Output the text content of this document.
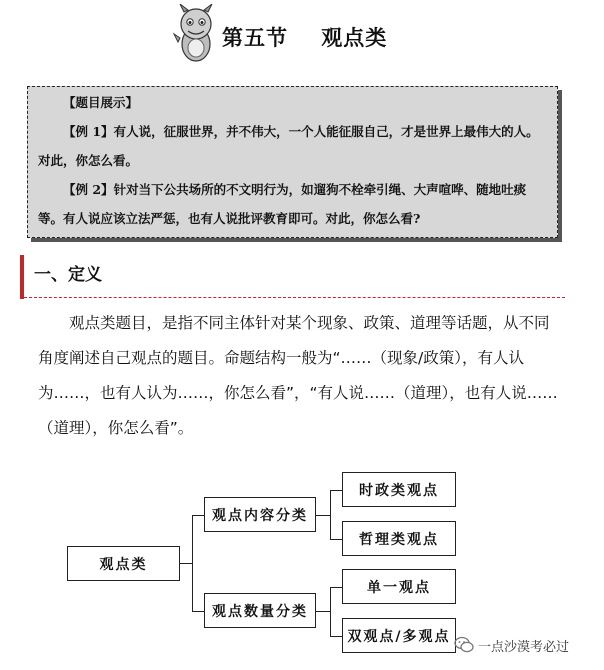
第五节    观点类

【题目展示】

【例 1】有人说，征服世界，并不伟大，一个人能征服自己，才是世界上最伟大的人。对此，你怎么看。

【例 2】针对当下公共场所的不文明行为，如遛狗不栓牵引绳、大声喧哗、随地吐痰等。有人说应该立法严惩，也有人说批评教育即可。对此，你怎么看?

一、定义

观点类题目，是指不同主体针对某个现象、政策、道理等话题，从不同角度阐述自己观点的题目。命题结构一般为“……（现象/政策），有人认为……，也有人认为……，你怎么看”，“有人说……（道理），也有人说……（道理），你怎么看”。

观点类
观点内容分类
观点数量分类
时政类观点
哲理类观点
单一观点
双观点/多观点
一点沙漠考必过
